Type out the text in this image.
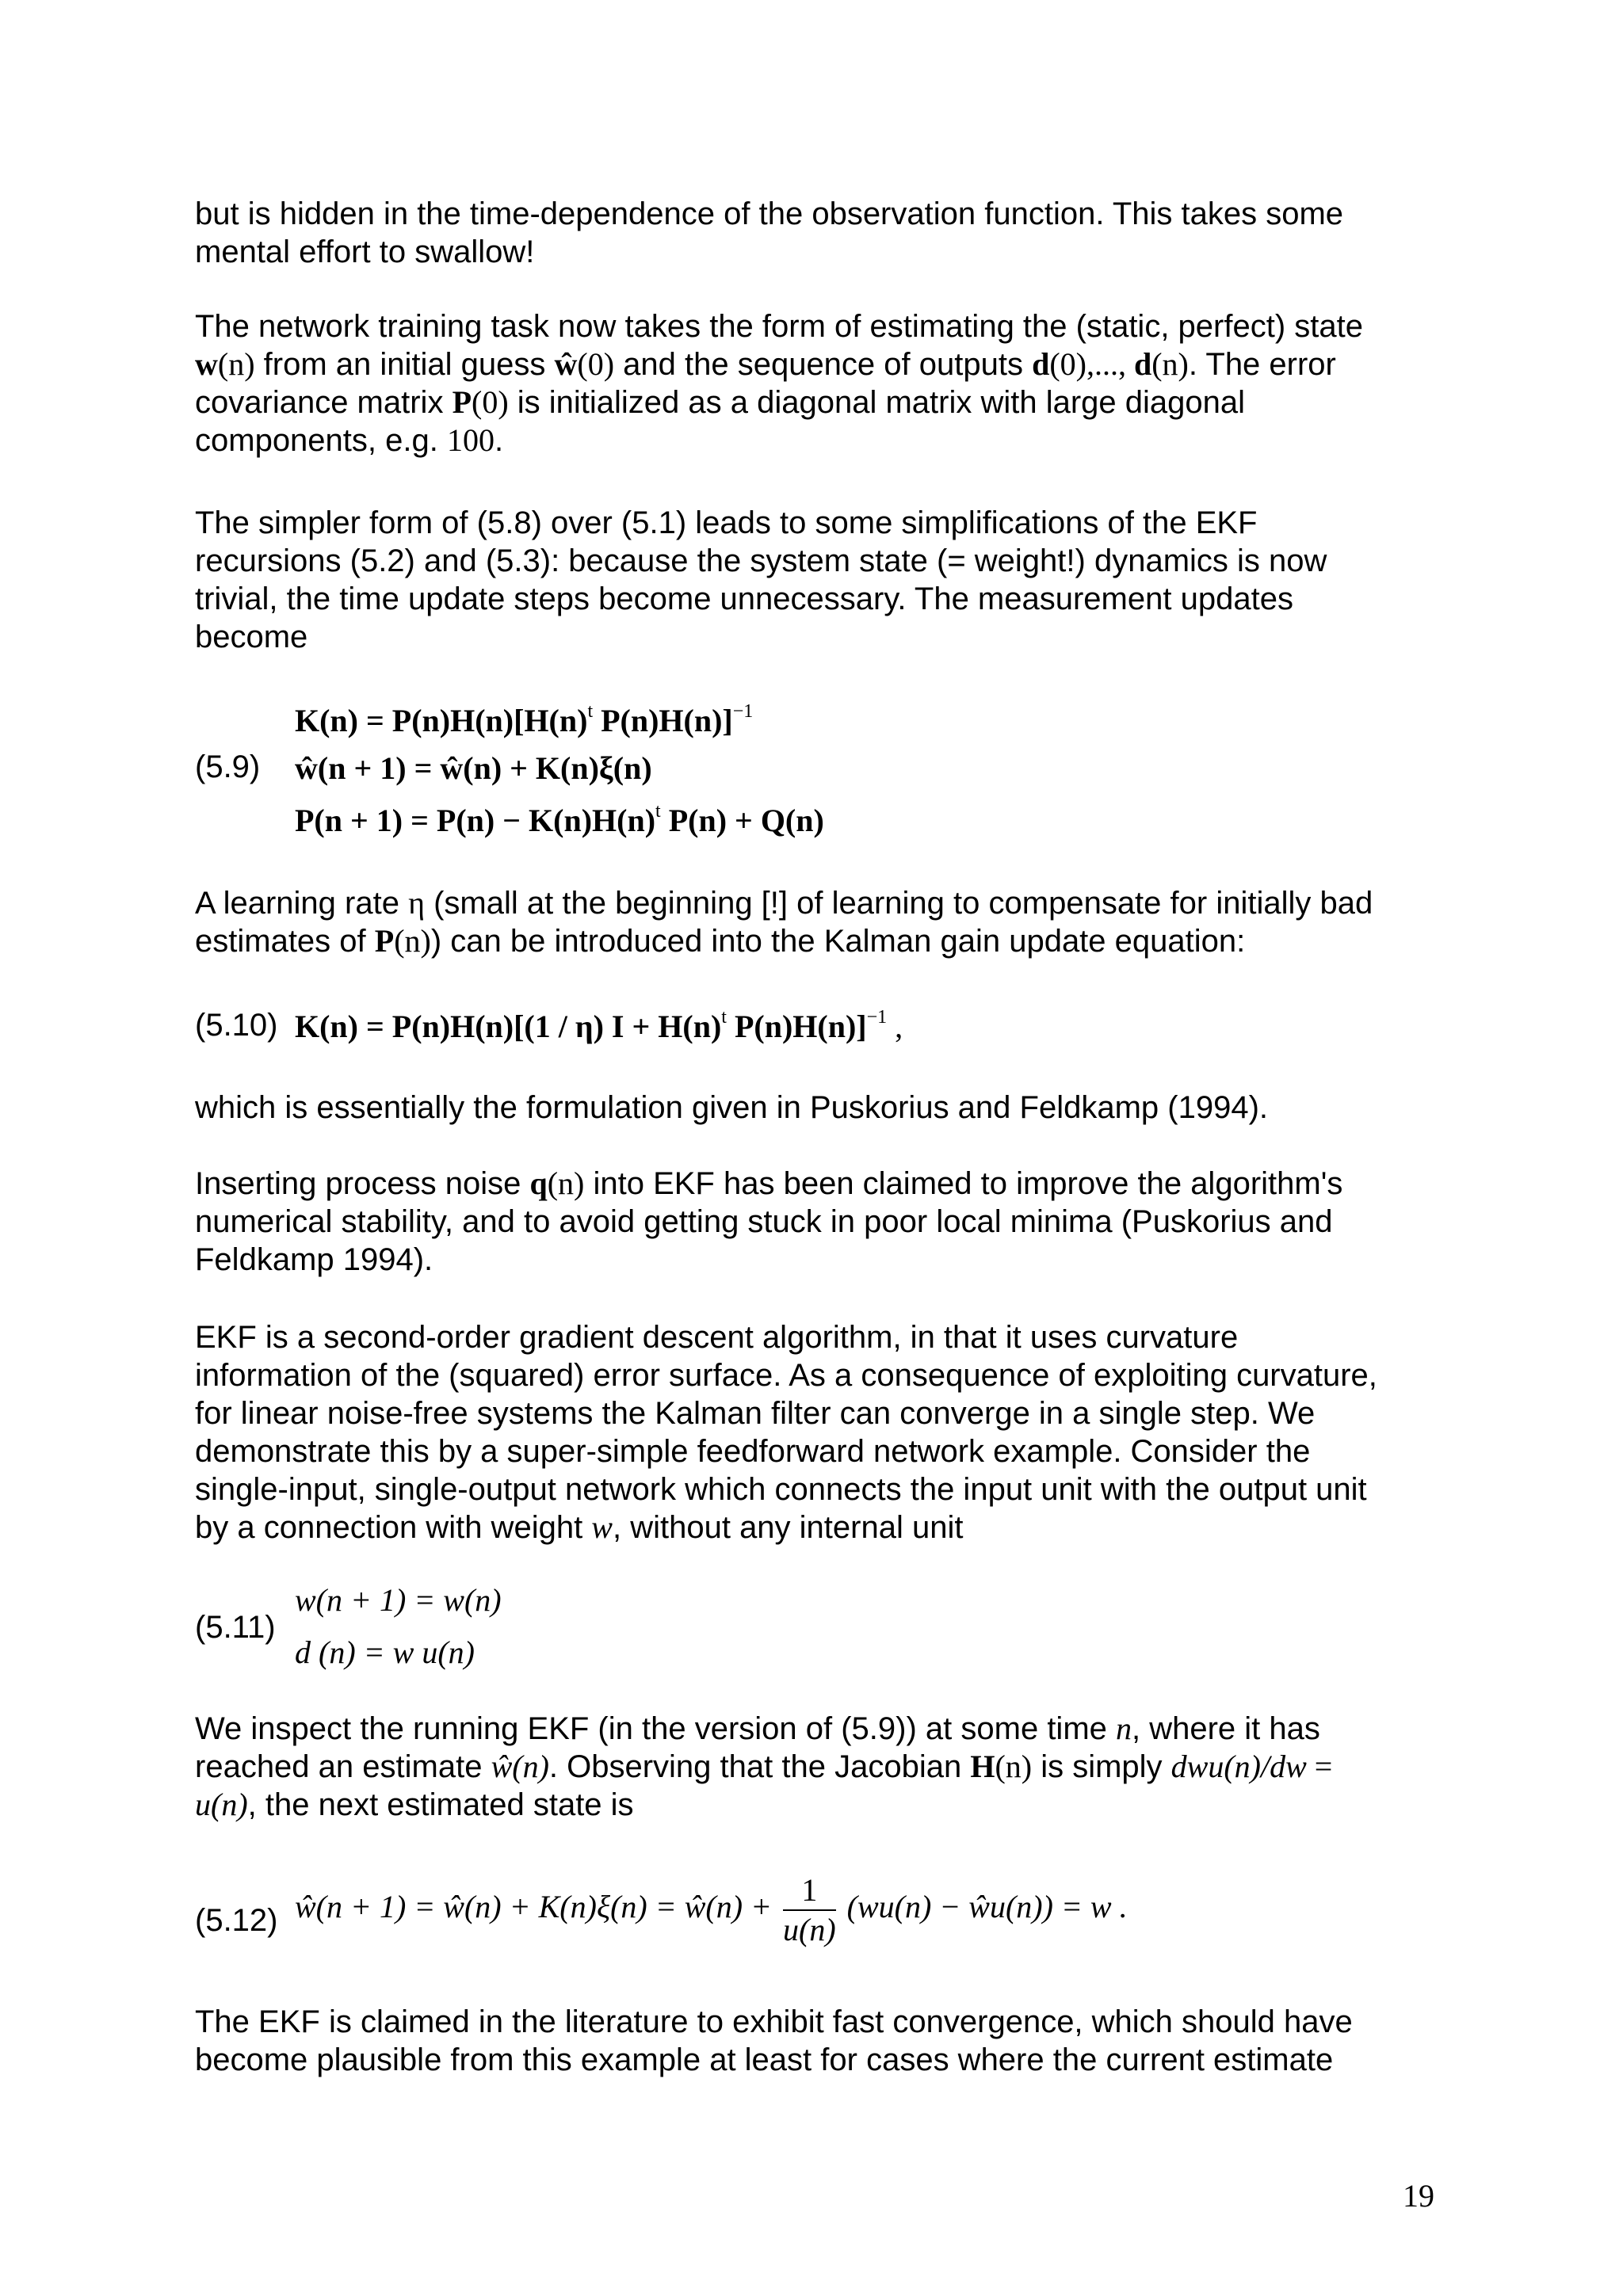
but is hidden in the time-dependence of the observation function. This takes some
mental effort to swallow!
The network training task now takes the form of estimating the (static, perfect) state
w(n) from an initial guess ŵ(0) and the sequence of outputs d(0),..., d(n). The error
covariance matrix P(0) is initialized as a diagonal matrix with large diagonal
components, e.g. 100.
The simpler form of (5.8) over (5.1) leads to some simplifications of the EKF
recursions (5.2) and (5.3): because the system state (= weight!) dynamics is now
trivial, the time update steps become unnecessary. The measurement updates
become
(5.9)
$K(n) = P(n)H(n)[H(n)^t$ P(n)H(n)]$^{-1}$
ŵ(n + 1) = ŵ(n) + K(n)ξ(n)
$P(n + 1) = P(n) - K(n)H(n)^t$ P(n) + Q(n)
A learning rate η (small at the beginning [!] of learning to compensate for initially bad
estimates of P(n)) can be introduced into the Kalman gain update equation:
(5.10) K(n) = P(n)H(n)[(1 / η) $I + H(n)^t$ P(n)H(n)]$^{-1}$ ,
which is essentially the formulation given in Puskorius and Feldkamp (1994).
Inserting process noise q(n) into EKF has been claimed to improve the algorithm's
numerical stability, and to avoid getting stuck in poor local minima (Puskorius and
Feldkamp 1994).
EKF is a second-order gradient descent algorithm, in that it uses curvature
information of the (squared) error surface. As a consequence of exploiting curvature,
for linear noise-free systems the Kalman filter can converge in a single step. We
demonstrate this by a super-simple feedforward network example. Consider the
single-input, single-output network which connects the input unit with the output unit
by a connection with weight w, without any internal unit
(5.11)
w(n + 1) = w(n)
d (n) = w u(n)
We inspect the running EKF (in the version of (5.9)) at some time n, where it has
reached an estimate ŵ(n). Observing that the Jacobian H(n) is simply dwu(n)/dw =
u(n), the next estimated state is
(5.12) ŵ(n + 1) = ŵ(n) + K(n)ξ(n) = ŵ(n) + $\frac{1}{u(n)} (wu(n)$ − ŵu(n)) = w .
The EKF is claimed in the literature to exhibit fast convergence, which should have
become plausible from this example at least for cases where the current estimate
19
